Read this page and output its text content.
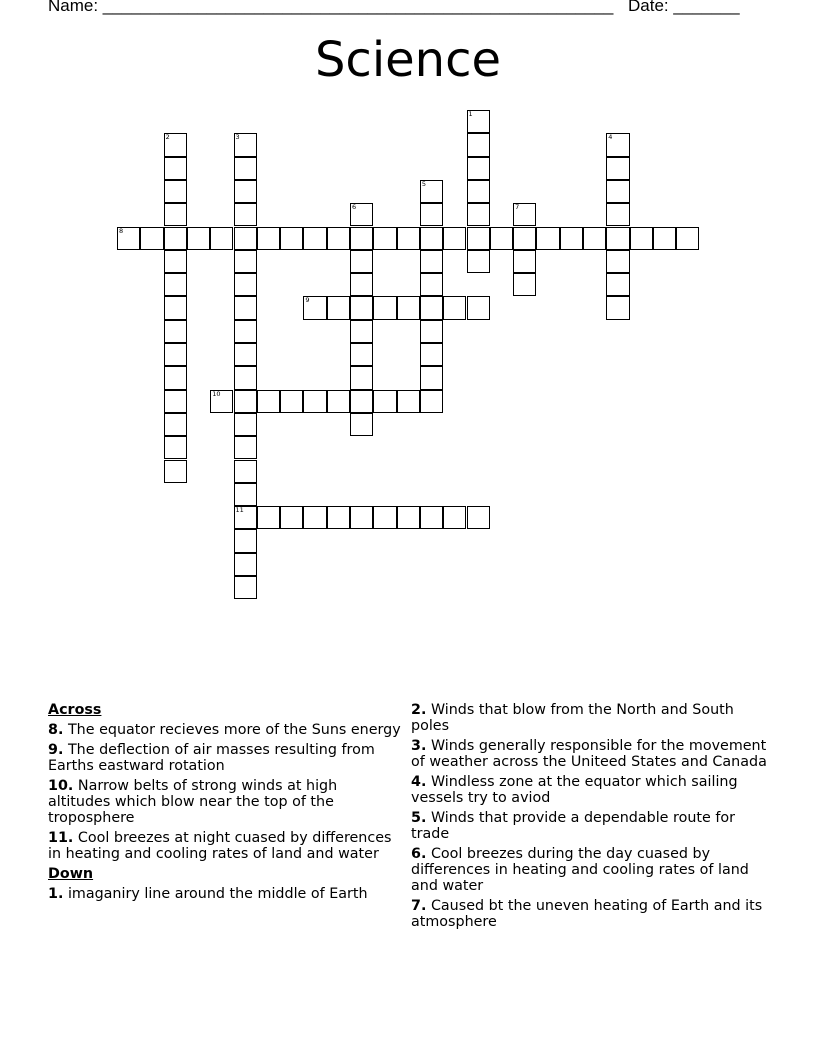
Name: ______________________________________________________ Date: _______
Science
1
2	3
11
4
5
6	7
8
9
10
Across
8. The equator recieves more of the Suns energy
9. The deflection of air masses resulting from Earths eastward rotation
10. Narrow belts of strong winds at high altitudes which blow near the top of the troposphere
11. Cool breezes at night cuased by differences in heating and cooling rates of land and water
Down
1. imaganiry line around the middle of Earth
2. Winds that blow from the North and South poles
3. Winds generally responsible for the movement of weather across the Uniteed States and Canada
4. Windless zone at the equator which sailing vessels try to aviod
5. Winds that provide a dependable route for trade
6. Cool breezes during the day cuased by differences in heating and cooling rates of land and water
7. Caused bt the uneven heating of Earth and its atmosphere
